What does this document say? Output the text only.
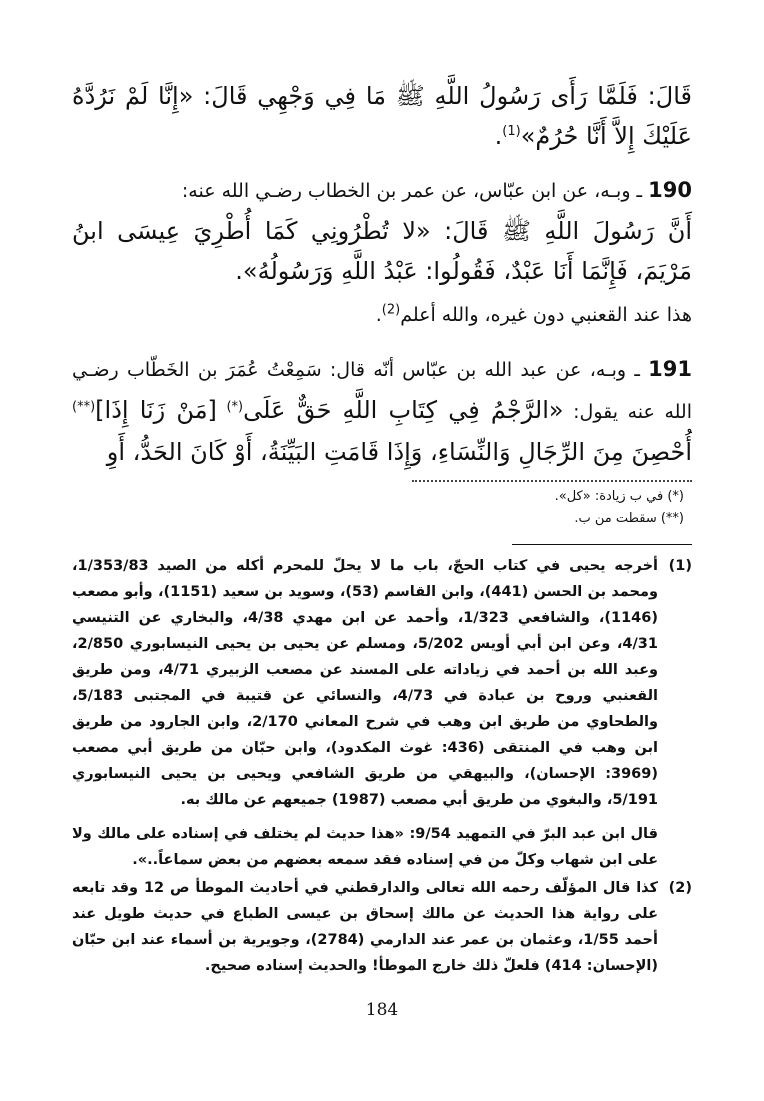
قَالَ: فَلَمَّا رَأَى رَسُولُ اللَّهِ ﷺ مَا فِي وَجْهِي قَالَ: «إِنَّا لَمْ نَرُدَّهُ عَلَيْكَ إِلاَّ أَنَّا حُرُمٌ»$^{(1)}$.

190 ـ وبـه، عن ابن عبّاس، عن عمر بن الخطاب رضـي الله عنه:

أَنَّ رَسُولَ اللَّهِ ﷺ قَالَ: «لا تُطْرُونِي كَمَا أُطْرِيَ عِيسَى ابنُ مَرْيَمَ، فَإِنَّمَا أَنَا عَبْدٌ، فَقُولُوا: عَبْدُ اللَّهِ وَرَسُولُهُ».

هذا عند القعنبي دون غيره، والله أعلم$^{(2)}$.

191 ـ وبـه، عن عبد الله بن عبّاس أنّه قال: سَمِعْتُ عُمَرَ بن الخَطّاب رضـي الله عنه يقول: «الرَّجْمُ فِي كِتَابِ اللَّهِ حَقٌّ عَلَى(*) [مَنْ زَنَا إِذَا](**) أُحْصِنَ مِنَ الرِّجَالِ وَالنِّسَاءِ، وَإِذَا قَامَتِ البَيِّنَةُ، أَوْ كَانَ الحَدُّ، أَوِ

(*) في ب زيادة: «كل».
(**) سقطت من ب.

(1)
أخرجه يحيى في كتاب الحجّ، باب ما لا يحلّ للمحرم أكله من الصيد 1/353/83، ومحمد بن الحسن (441)، وابن القاسم (53)، وسويد بن سعيد (1151)، وأبو مصعب (1146)، والشافعي 1/323، وأحمد عن ابن مهدي 4/38، والبخاري عن التنيسي 4/31، وعن ابن أبي أويس 5/202، ومسلم عن يحيى بن يحيى النيسابوري 2/850، وعبد الله بن أحمد في زياداته على المسند عن مصعب الزبيري 4/71، ومن طريق القعنبي وروح بن عبادة في 4/73، والنسائي عن قتيبة في المجتبى 5/183، والطحاوي من طريق ابن وهب في شرح المعاني 2/170، وابن الجارود من طريق ابن وهب في المنتقى (436: غوث المكدود)، وابن حبّان من طريق أبي مصعب (3969: الإحسان)، والبيهقي من طريق الشافعي ويحيى بن يحيى النيسابوري 5/191، والبغوي من طريق أبي مصعب (1987) جميعهم عن مالك به.

قال ابن عبد البرّ في التمهيد 9/54: «هذا حديث لم يختلف في إسناده على مالك ولا على ابن شهاب وكلّ من في إسناده فقد سمعه بعضهم من بعض سماعاً..».

(2)
كذا قال المؤلّف رحمه الله تعالى والدارقطني في أحاديث الموطأ ص 12 وقد تابعه على رواية هذا الحديث عن مالك إسحاق بن عيسى الطباع في حديث طويل عند أحمد 1/55، وعثمان بن عمر عند الدارمي (2784)، وجويرية بن أسماء عند ابن حبّان (الإحسان: 414) فلعلّ ذلك خارج الموطأ! والحديث إسناده صحيح.

184
